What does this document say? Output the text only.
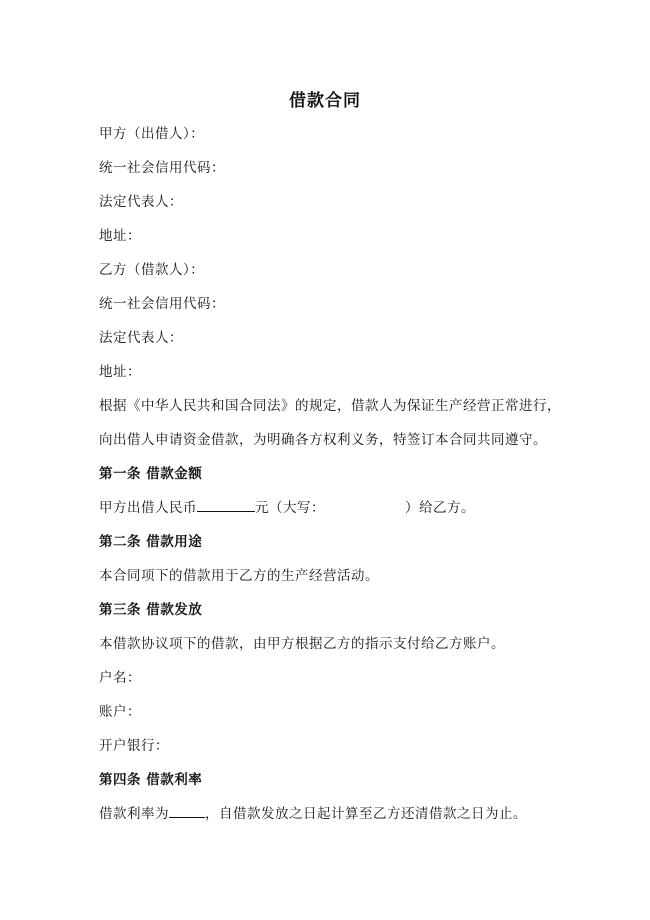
借款合同
甲方（出借人）：
统一社会信用代码：
法定代表人：
地址：
乙方（借款人）：
统一社会信用代码：
法定代表人：
地址：
根据《中华人民共和国合同法》的规定，借款人为保证生产经营正常进行，
向出借人申请资金借款，为明确各方权利义务，特签订本合同共同遵守。
第一条 借款金额
甲方出借人民币	元（大写：	）给乙方。
第二条 借款用途
本合同项下的借款用于乙方的生产经营活动。
第三条 借款发放
本借款协议项下的借款，由甲方根据乙方的指示支付给乙方账户。
户名：
账户：
开户银行：
第四条 借款利率
借款利率为	，自借款发放之日起计算至乙方还清借款之日为止。
